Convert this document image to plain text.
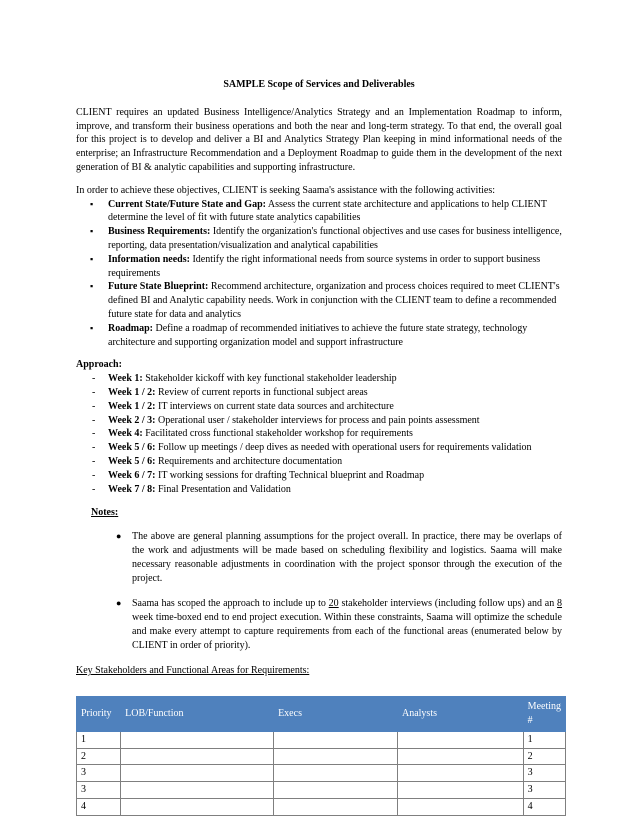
SAMPLE Scope of Services and Deliverables

CLIENT requires an updated Business Intelligence/Analytics Strategy and an Implementation Roadmap to inform, improve, and transform their business operations and both the near and long-term strategy. To that end, the overall goal for this project is to develop and deliver a BI and Analytics Strategy Plan keeping in mind informational needs of the enterprise; an Infrastructure Recommendation and a Deployment Roadmap to guide them in the development of the next generation of BI & analytic capabilities and supporting infrastructure.

In order to achieve these objectives, CLIENT is seeking Saama's assistance with the following activities:

▪ Current State/Future State and Gap: Assess the current state architecture and applications to help CLIENT determine the level of fit with future state analytics capabilities
▪ Business Requirements: Identify the organization's functional objectives and use cases for business intelligence, reporting, data presentation/visualization and analytical capabilities
▪ Information needs: Identify the right informational needs from source systems in order to support business requirements
▪ Future State Blueprint: Recommend architecture, organization and process choices required to meet CLIENT's defined BI and Analytic capability needs. Work in conjunction with the CLIENT team to define a recommended future state for data and analytics
▪ Roadmap: Define a roadmap of recommended initiatives to achieve the future state strategy, technology architecture and supporting organization model and support infrastructure
Approach:
- Week 1: Stakeholder kickoff with key functional stakeholder leadership
- Week 1 / 2: Review of current reports in functional subject areas
- Week 1 / 2: IT interviews on current state data sources and architecture
- Week 2 / 3: Operational user / stakeholder interviews for process and pain points assessment
- Week 4: Facilitated cross functional stakeholder workshop for requirements
- Week 5 / 6: Follow up meetings / deep dives as needed with operational users for requirements validation
- Week 5 / 6: Requirements and architecture documentation
- Week 6 / 7: IT working sessions for drafting Technical blueprint and Roadmap
- Week 7 / 8: Final Presentation and Validation
Notes:
● The above are general planning assumptions for the project overall. In practice, there may be overlaps of the work and adjustments will be made based on scheduling flexibility and logistics. Saama will make necessary reasonable adjustments in coordination with the project sponsor through the execution of the project.
● Saama has scoped the approach to include up to 20 stakeholder interviews (including follow ups) and an 8 week time-boxed end to end project execution. Within these constraints, Saama will optimize the schedule and make every attempt to capture requirements from each of the functional areas (enumerated below by CLIENT in order of priority).
Key Stakeholders and Functional Areas for Requirements:
Priority	LOB/Function	Execs	Analysts	Meeting #
1				1
2				2
3				3
3				3
4				4
